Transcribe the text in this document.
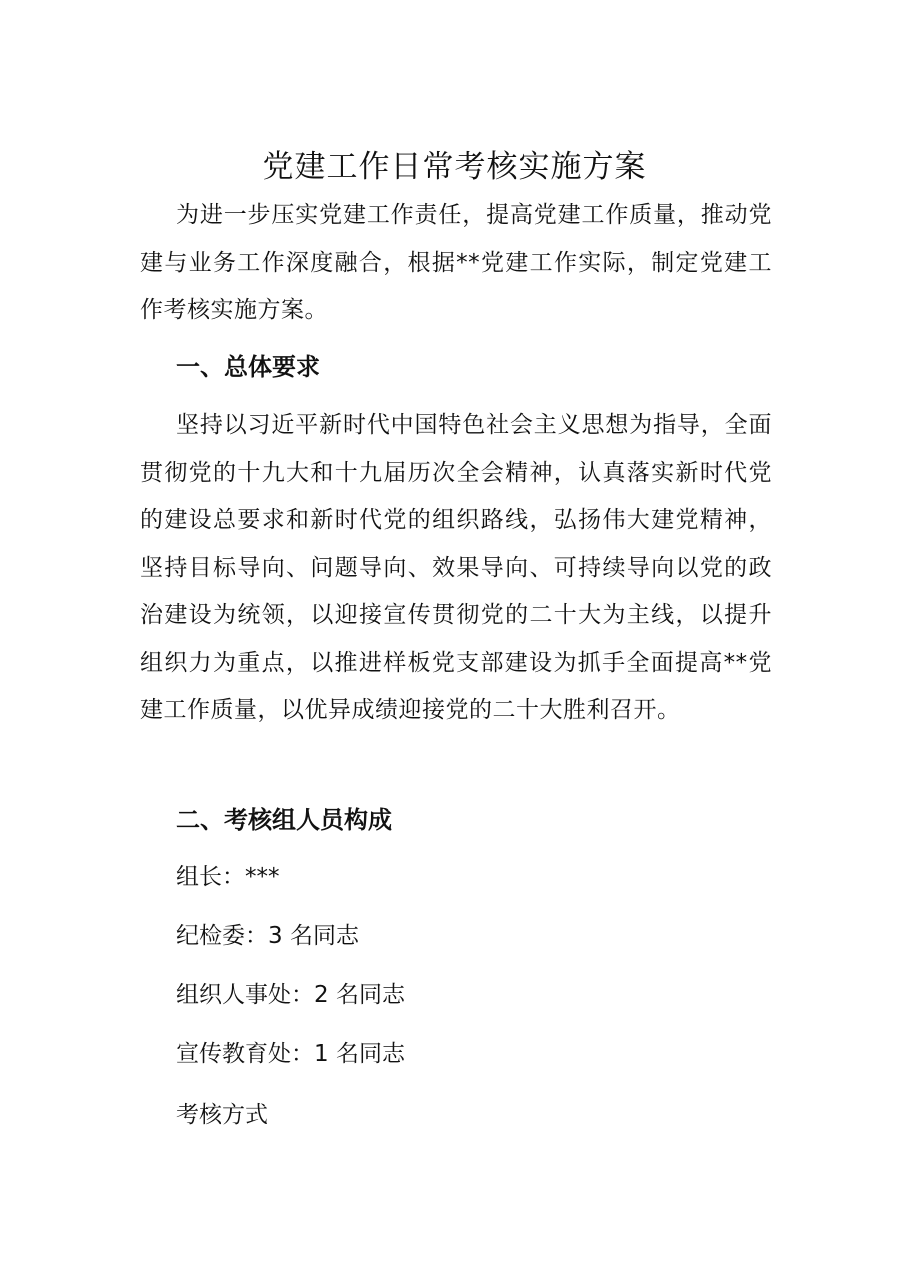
党建工作日常考核实施方案

为进一步压实党建工作责任，提高党建工作质量，推动党建与业务工作深度融合，根据**党建工作实际，制定党建工作考核实施方案。

一、总体要求

坚持以习近平新时代中国特色社会主义思想为指导，全面贯彻党的十九大和十九届历次全会精神，认真落实新时代党的建设总要求和新时代党的组织路线，弘扬伟大建党精神，坚持目标导向、问题导向、效果导向、可持续导向以党的政治建设为统领，以迎接宣传贯彻党的二十大为主线，以提升组织力为重点，以推进样板党支部建设为抓手全面提高**党建工作质量，以优异成绩迎接党的二十大胜利召开。

二、考核组人员构成

组长：***

纪检委：3 名同志

组织人事处：2 名同志

宣传教育处：1 名同志

考核方式
